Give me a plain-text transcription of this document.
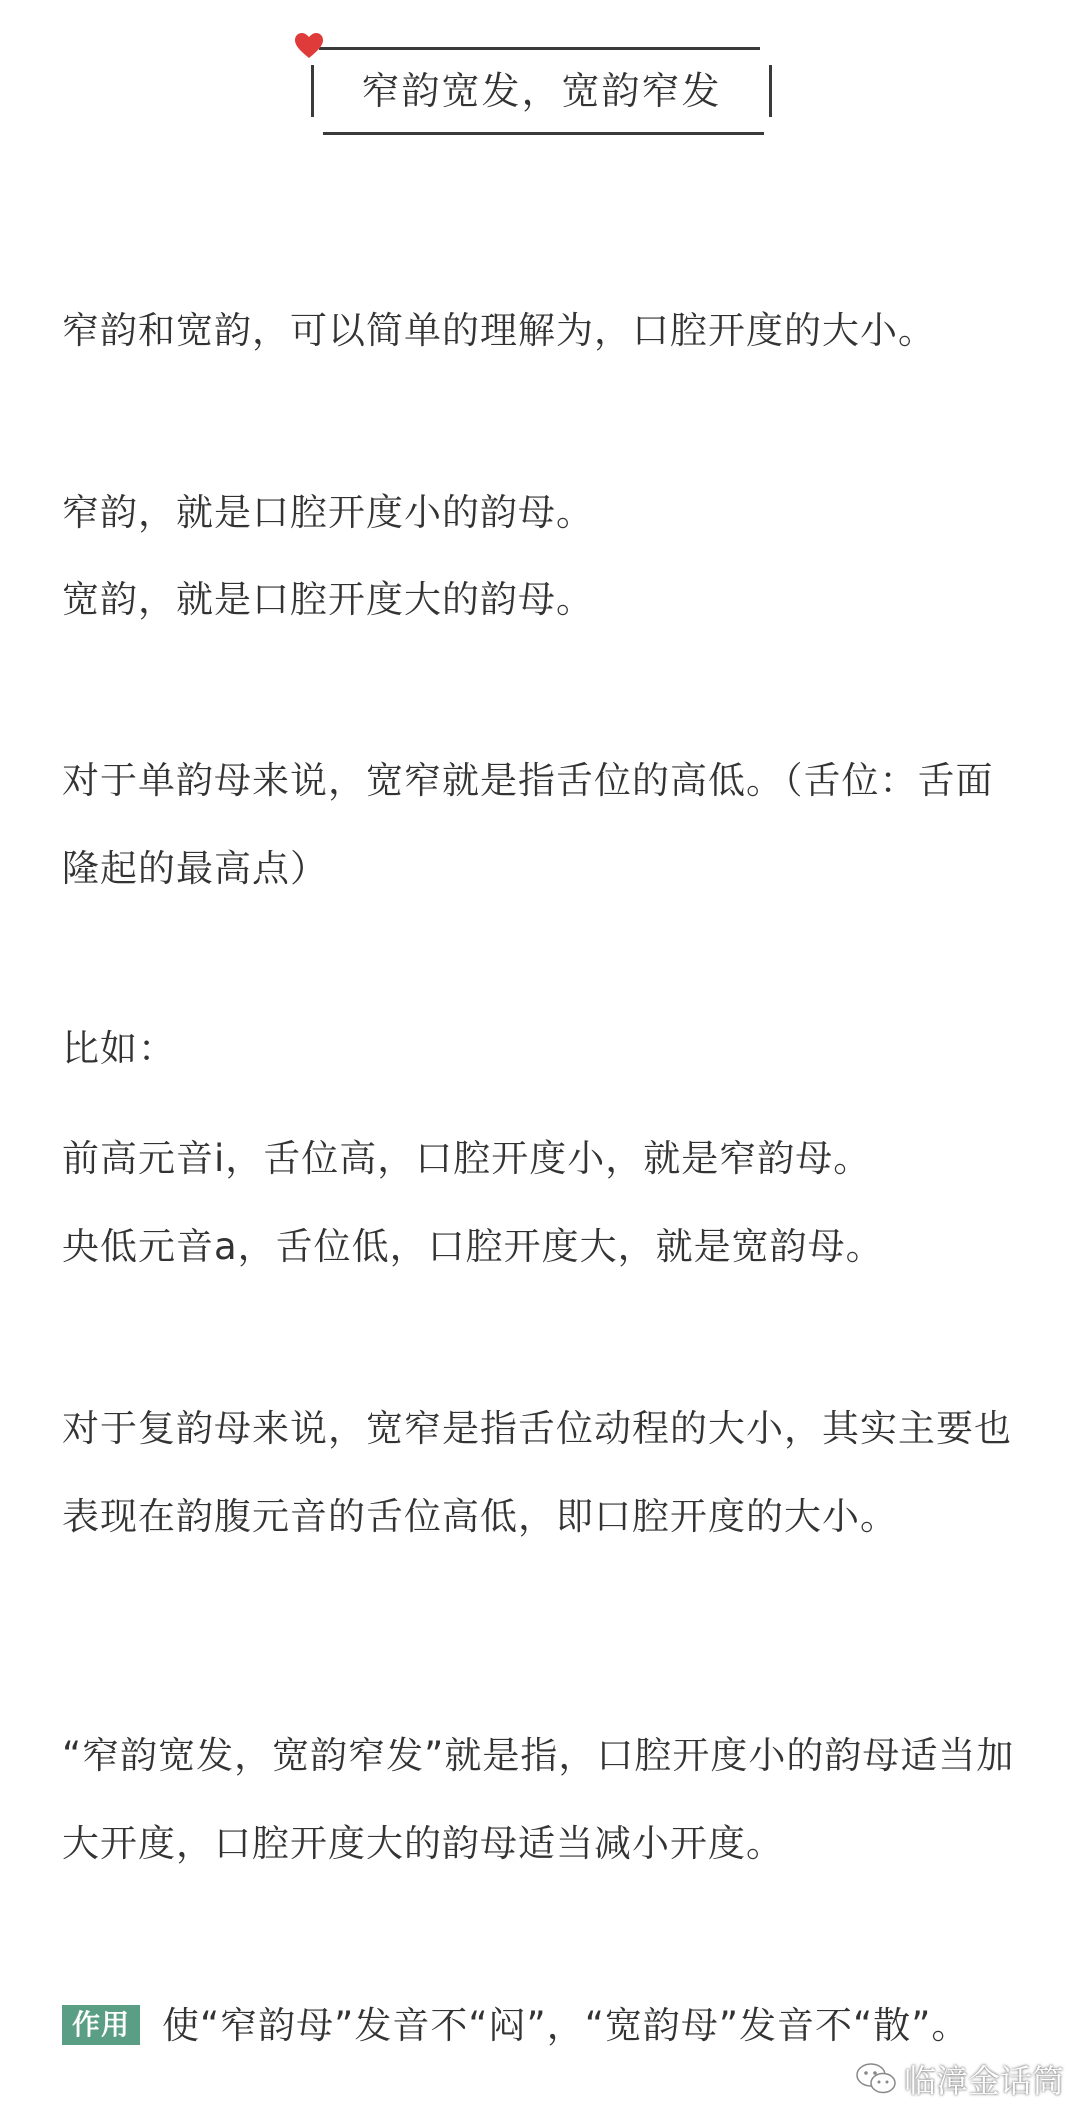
窄韵宽发，宽韵窄发

窄韵和宽韵，可以简单的理解为，口腔开度的大小。

窄韵，就是口腔开度小的韵母。

宽韵，就是口腔开度大的韵母。

对于单韵母来说，宽窄就是指舌位的高低。（舌位：舌面隆起的最高点）

比如：

前高元音i，舌位高，口腔开度小，就是窄韵母。

央低元音a，舌位低，口腔开度大，就是宽韵母。

对于复韵母来说，宽窄是指舌位动程的大小，其实主要也表现在韵腹元音的舌位高低，即口腔开度的大小。

“窄韵宽发，宽韵窄发”就是指，口腔开度小的韵母适当加大开度，口腔开度大的韵母适当减小开度。

作用 使“窄韵母”发音不“闷”，“宽韵母”发音不“散”。

临漳金话筒
